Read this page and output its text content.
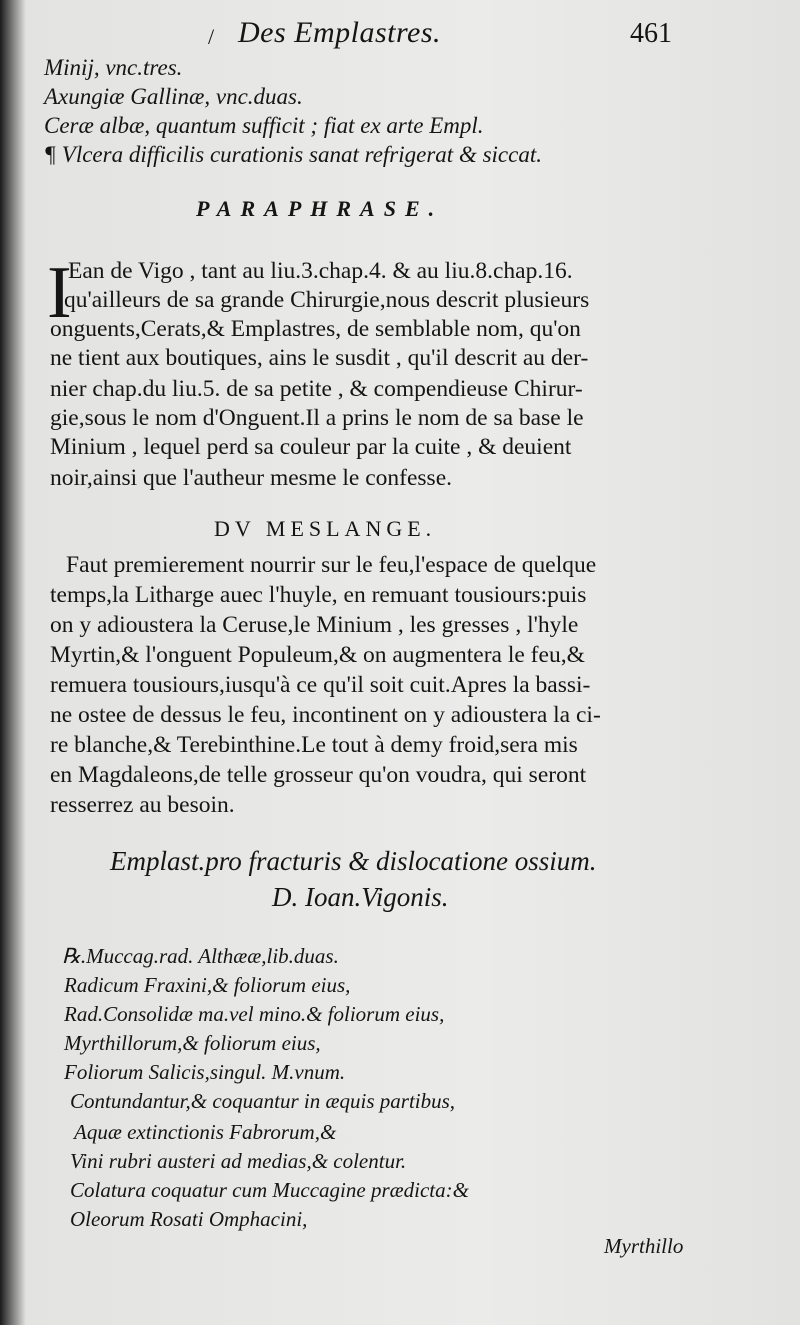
/ Des Emplastres.	461
Minij, vnc.tres.
Axungiæ Gallinæ, vnc.duas.
Ceræ albæ, quantum sufficit ; fiat ex arte Empl.
¶ Vlcera difficilis curationis sanat refrigerat & siccat.
PARAPHRASE.
I
Ean de Vigo , tant au liu.3.chap.4. & au liu.8.chap.16.
qu'ailleurs de sa grande Chirurgie,nous descrit plusieurs
onguents,Cerats,& Emplastres, de semblable nom, qu'on
ne tient aux boutiques, ains le susdit , qu'il descrit au der-
nier chap.du liu.5. de sa petite , & compendieuse Chirur-
gie,sous le nom d'Onguent.Il a prins le nom de sa base le
Minium , lequel perd sa couleur par la cuite , & deuient
noir,ainsi que l'autheur mesme le confesse.
DV MESLANGE.
Faut premierement nourrir sur le feu,l'espace de quelque
temps,la Litharge auec l'huyle, en remuant tousiours:puis
on y adioustera la Ceruse,le Minium , les gresses , l'hyle
Myrtin,& l'onguent Populeum,& on augmentera le feu,&
remuera tousiours,iusqu'à ce qu'il soit cuit.Apres la bassi-
ne ostee de dessus le feu, incontinent on y adioustera la ci-
re blanche,& Terebinthine.Le tout à demy froid,sera mis
en Magdaleons,de telle grosseur qu'on voudra, qui seront
resserrez au besoin.
Emplast.pro fracturis & dislocatione ossium.
D. Ioan.Vigonis.
℞.Muccag.rad. Althææ,lib.duas.
Radicum Fraxini,& foliorum eius,
Rad.Consolidæ ma.vel mino.& foliorum eius,
Myrthillorum,& foliorum eius,
Foliorum Salicis,singul. M.vnum.
Contundantur,& coquantur in æquis partibus,
Aquæ extinctionis Fabrorum,&
Vini rubri austeri ad medias,& colentur.
Colatura coquatur cum Muccagine prædicta:&
Oleorum Rosati Omphacini,
Myrthillo
